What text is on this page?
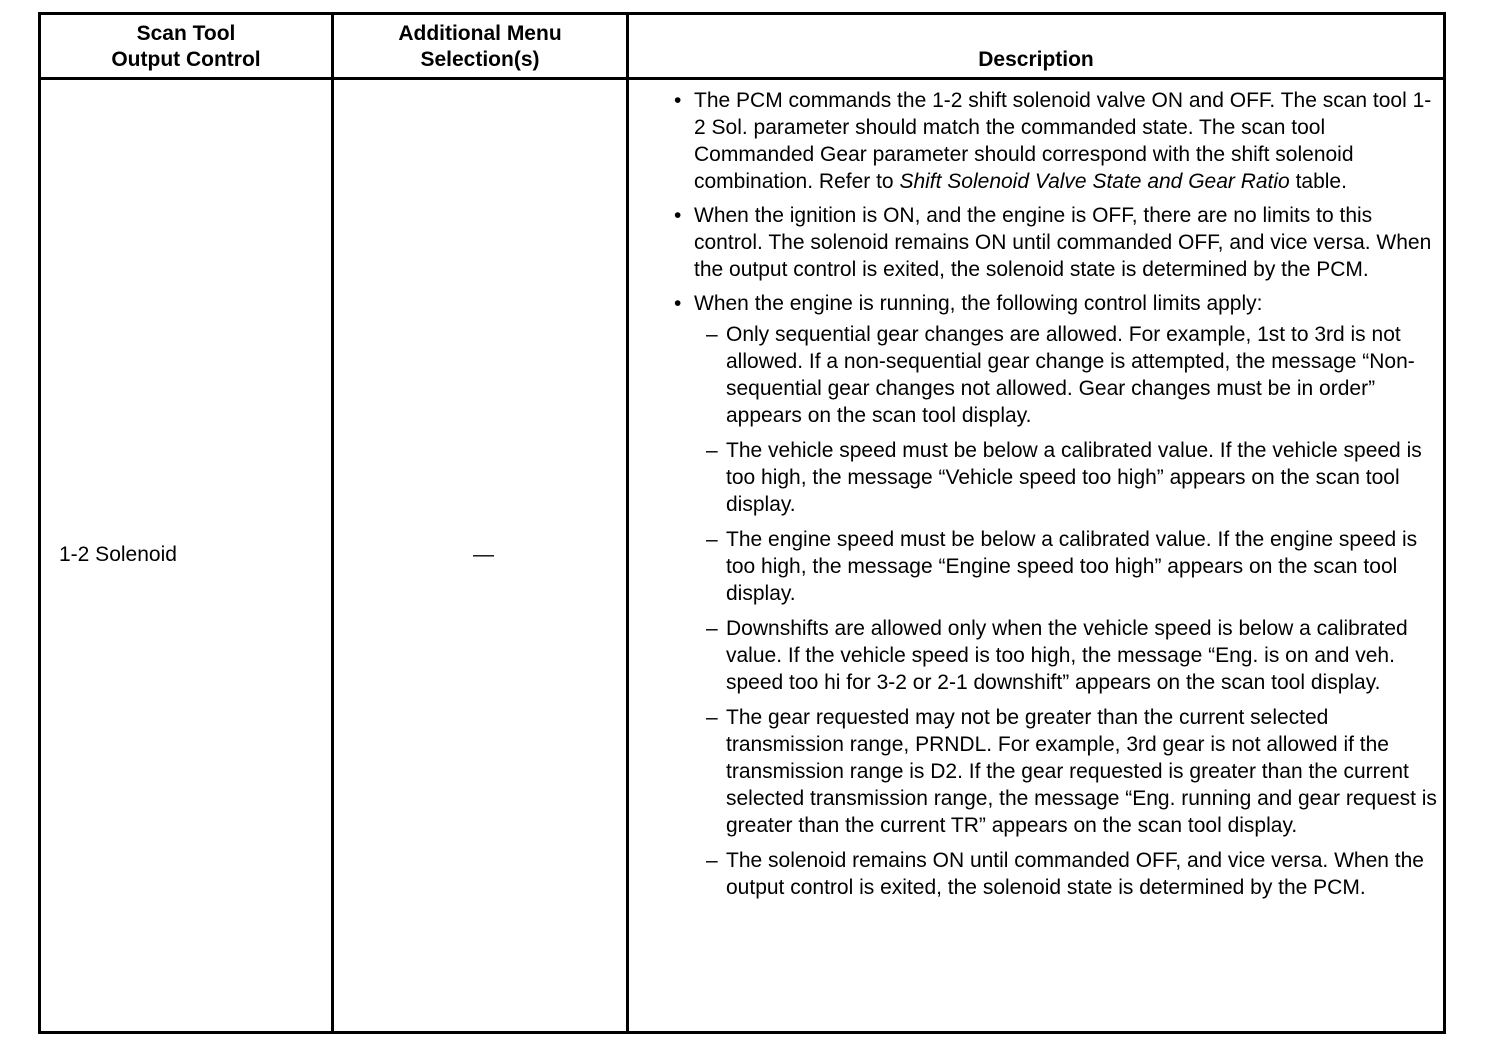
Scan Tool
Output Control
Additional Menu
Selection(s)	Description
1-2 Solenoid	—
• The PCM commands the 1-2 shift solenoid valve ON and OFF. The scan tool 1-2 Sol. parameter should match the commanded state. The scan tool Commanded Gear parameter should correspond with the shift solenoid combination. Refer to Shift Solenoid Valve State and Gear Ratio table.
• When the ignition is ON, and the engine is OFF, there are no limits to this control. The solenoid remains ON until commanded OFF, and vice versa. When the output control is exited, the solenoid state is determined by the PCM.
• When the engine is running, the following control limits apply:
– Only sequential gear changes are allowed. For example, 1st to 3rd is not allowed. If a non-sequential gear change is attempted, the message “Non-sequential gear changes not allowed. Gear changes must be in order” appears on the scan tool display.
– The vehicle speed must be below a calibrated value. If the vehicle speed is too high, the message “Vehicle speed too high” appears on the scan tool display.
– The engine speed must be below a calibrated value. If the engine speed is too high, the message “Engine speed too high” appears on the scan tool display.
– Downshifts are allowed only when the vehicle speed is below a calibrated value. If the vehicle speed is too high, the message “Eng. is on and veh. speed too hi for 3-2 or 2-1 downshift” appears on the scan tool display.
– The gear requested may not be greater than the current selected transmission range, PRNDL. For example, 3rd gear is not allowed if the transmission range is D2. If the gear requested is greater than the current selected transmission range, the message “Eng. running and gear request is greater than the current TR” appears on the scan tool display.
– The solenoid remains ON until commanded OFF, and vice versa. When the output control is exited, the solenoid state is determined by the PCM.
